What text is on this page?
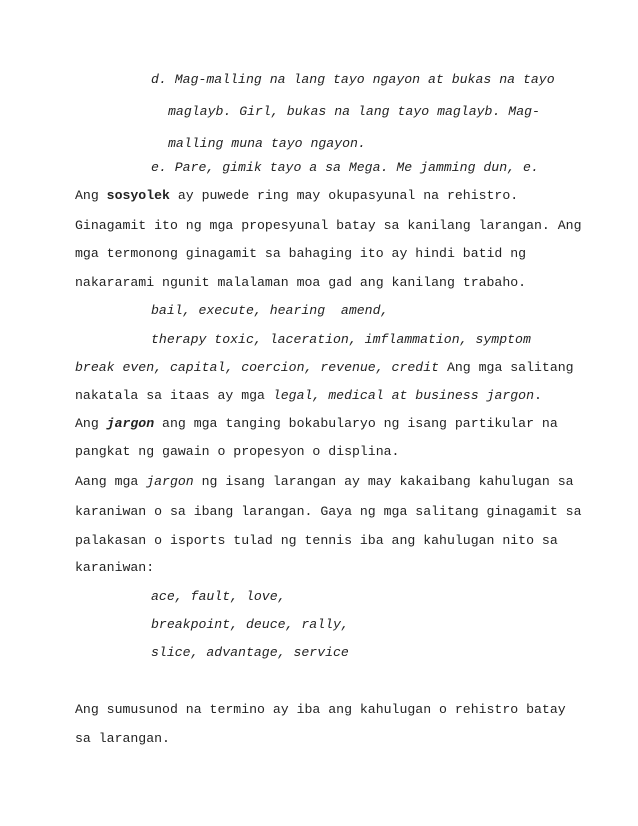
d. Mag-malling na lang tayo ngayon at bukas na tayo
maglayb. Girl, bukas na lang tayo maglayb. Mag-
malling muna tayo ngayon.
e. Pare, gimik tayo a sa Mega. Me jamming dun, e.
Ang sosyolek ay puwede ring may okupasyunal na rehistro.
Ginagamit ito ng mga propesyunal batay sa kanilang larangan. Ang
mga termonong ginagamit sa bahaging ito ay hindi batid ng
nakararami ngunit malalaman moa gad ang kanilang trabaho.
bail, execute, hearing  amend,
therapy toxic, laceration, imflammation, symptom
break even, capital, coercion, revenue, credit Ang mga salitang
nakatala sa itaas ay mga legal, medical at business jargon.
Ang jargon ang mga tanging bokabularyo ng isang partikular na
pangkat ng gawain o propesyon o displina.
Aang mga jargon ng isang larangan ay may kakaibang kahulugan sa
karaniwan o sa ibang larangan. Gaya ng mga salitang ginagamit sa
palakasan o isports tulad ng tennis iba ang kahulugan nito sa
karaniwan:
ace, fault, love,
breakpoint, deuce, rally,
slice, advantage, service
Ang sumusunod na termino ay iba ang kahulugan o rehistro batay
sa larangan.
